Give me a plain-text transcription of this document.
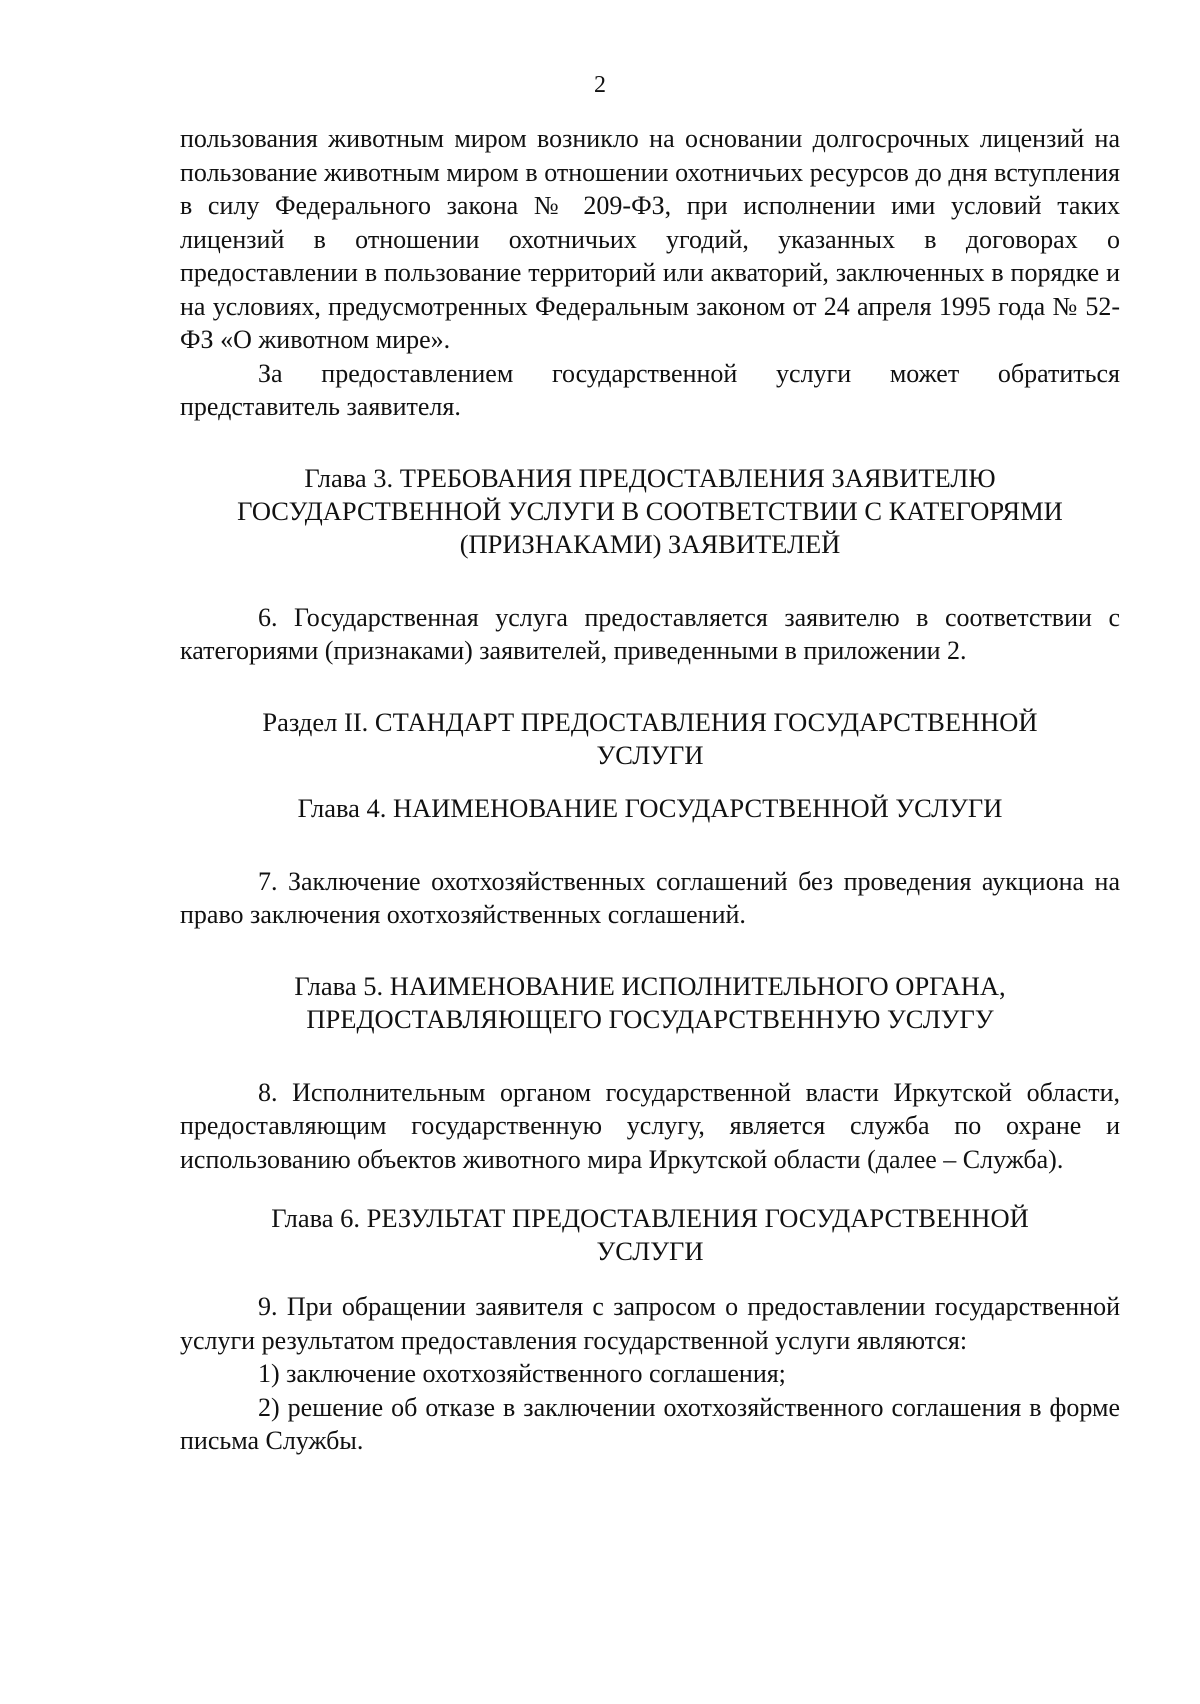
2

пользования животным миром возникло на основании долгосрочных лицензий на пользование животным миром в отношении охотничьих ресурсов до дня вступления в силу Федерального закона № 209-ФЗ, при исполнении ими условий таких лицензий в отношении охотничьих угодий, указанных в договорах о предоставлении в пользование территорий или акваторий, заключенных в порядке и на условиях, предусмотренных Федеральным законом от 24 апреля 1995 года № 52-ФЗ «О животном мире».

За предоставлением государственной услуги может обратиться представитель заявителя.

Глава 3. ТРЕБОВАНИЯ ПРЕДОСТАВЛЕНИЯ ЗАЯВИТЕЛЮ
ГОСУДАРСТВЕННОЙ УСЛУГИ В СООТВЕТСТВИИ С КАТЕГОРЯМИ
(ПРИЗНАКАМИ) ЗАЯВИТЕЛЕЙ

6. Государственная услуга предоставляется заявителю в соответствии с категориями (признаками) заявителей, приведенными в приложении 2.

Раздел II. СТАНДАРТ ПРЕДОСТАВЛЕНИЯ ГОСУДАРСТВЕННОЙ
УСЛУГИ
Глава 4. НАИМЕНОВАНИЕ ГОСУДАРСТВЕННОЙ УСЛУГИ

7. Заключение охотхозяйственных соглашений без проведения аукциона на право заключения охотхозяйственных соглашений.

Глава 5. НАИМЕНОВАНИЕ ИСПОЛНИТЕЛЬНОГО ОРГАНА,
ПРЕДОСТАВЛЯЮЩЕГО ГОСУДАРСТВЕННУЮ УСЛУГУ

8. Исполнительным органом государственной власти Иркутской области, предоставляющим государственную услугу, является служба по охране и использованию объектов животного мира Иркутской области (далее – Служба).

Глава 6. РЕЗУЛЬТАТ ПРЕДОСТАВЛЕНИЯ ГОСУДАРСТВЕННОЙ
УСЛУГИ

9. При обращении заявителя с запросом о предоставлении государственной услуги результатом предоставления государственной услуги являются:

1) заключение охотхозяйственного соглашения;

2) решение об отказе в заключении охотхозяйственного соглашения в форме письма Службы.
